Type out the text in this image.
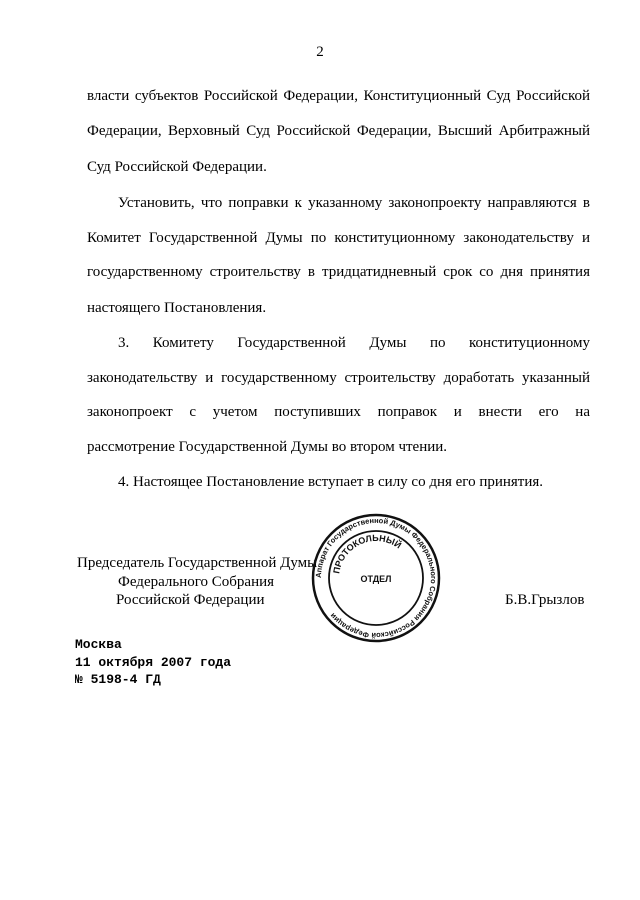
2
власти субъектов Российской Федерации, Конституционный Суд Российской
Федерации, Верховный Суд Российской Федерации, Высший Арбитражный
Суд Российской Федерации.
Установить, что поправки к указанному законопроекту направляются в
Комитет Государственной Думы по конституционному законодательству и
государственному строительству в тридцатидневный срок со дня принятия
настоящего Постановления.
3. Комитету Государственной Думы по конституционному
законодательству и государственному строительству доработать указанный
законопроект с учетом поступивших поправок и внести его на
рассмотрение Государственной Думы во втором чтении.
4. Настоящее Постановление вступает в силу со дня его принятия.
Председатель Государственной Думы
Федерального Собрания
Российской Федерации	Б.В.Грызлов
Аппарат Государственной Думы Федерального Собрания Российской Федерации
ПРОТОКОЛЬНЫЙ
ОТДЕЛ
Москва
11 октября 2007 года
№ 5198-4 ГД
